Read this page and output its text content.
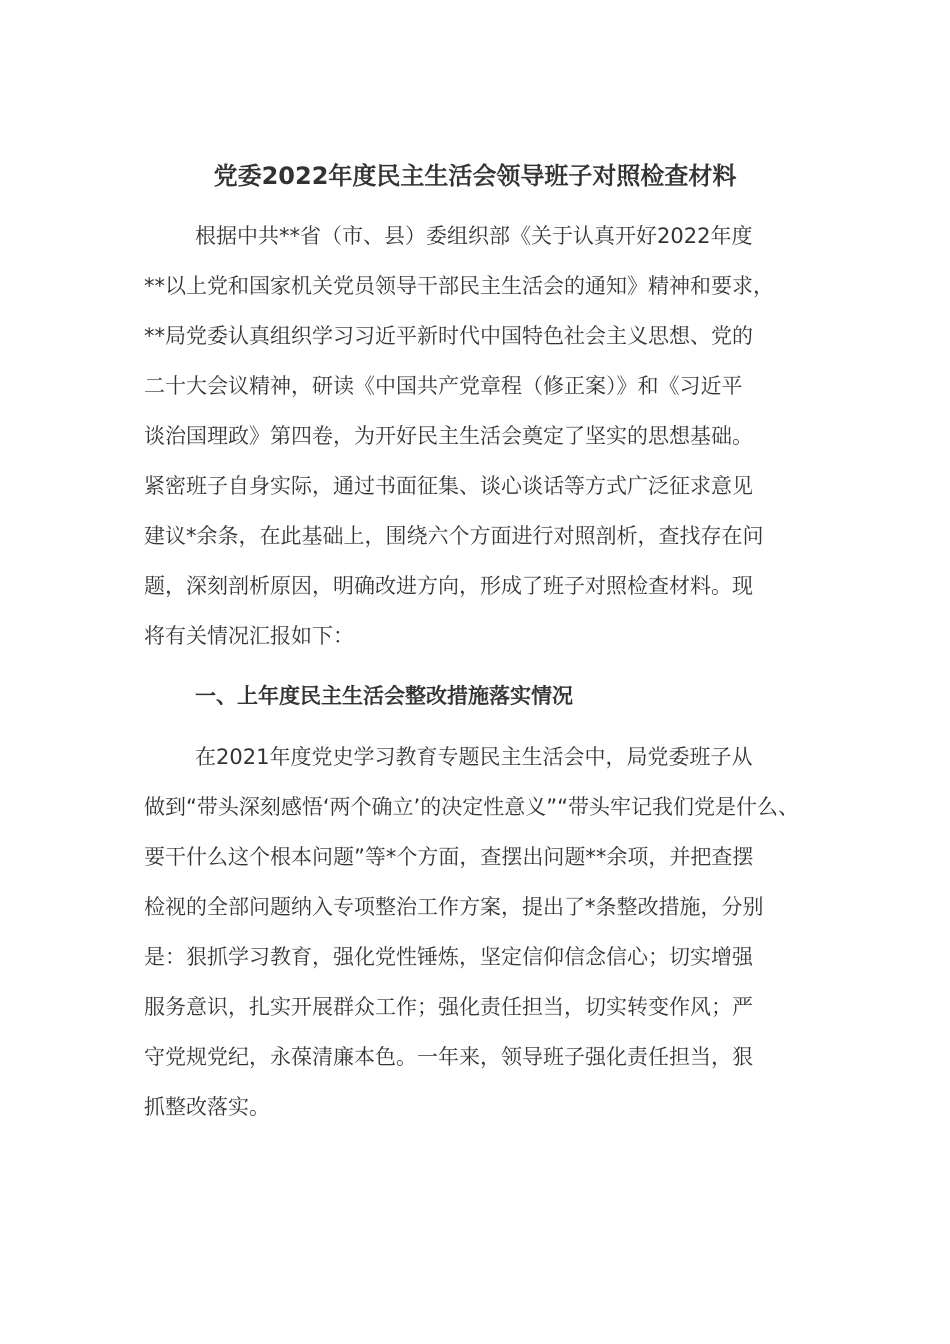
党委2022年度民主生活会领导班子对照检查材料
根据中共**省（市、县）委组织部《关于认真开好2022年度
**以上党和国家机关党员领导干部民主生活会的通知》精神和要求，
**局党委认真组织学习习近平新时代中国特色社会主义思想、党的
二十大会议精神，研读《中国共产党章程（修正案）》和《习近平
谈治国理政》第四卷，为开好民主生活会奠定了坚实的思想基础。
紧密班子自身实际，通过书面征集、谈心谈话等方式广泛征求意见
建议*余条，在此基础上，围绕六个方面进行对照剖析，查找存在问
题，深刻剖析原因，明确改进方向，形成了班子对照检查材料。现
将有关情况汇报如下：
一、上年度民主生活会整改措施落实情况
在2021年度党史学习教育专题民主生活会中，局党委班子从
做到“带头深刻感悟‘两个确立’的决定性意义”“带头牢记我们党是什么、
要干什么这个根本问题”等*个方面，查摆出问题**余项，并把查摆
检视的全部问题纳入专项整治工作方案，提出了*条整改措施，分别
是：狠抓学习教育，强化党性锤炼，坚定信仰信念信心；切实增强
服务意识，扎实开展群众工作；强化责任担当，切实转变作风；严
守党规党纪，永葆清廉本色。一年来，领导班子强化责任担当，狠
抓整改落实。
